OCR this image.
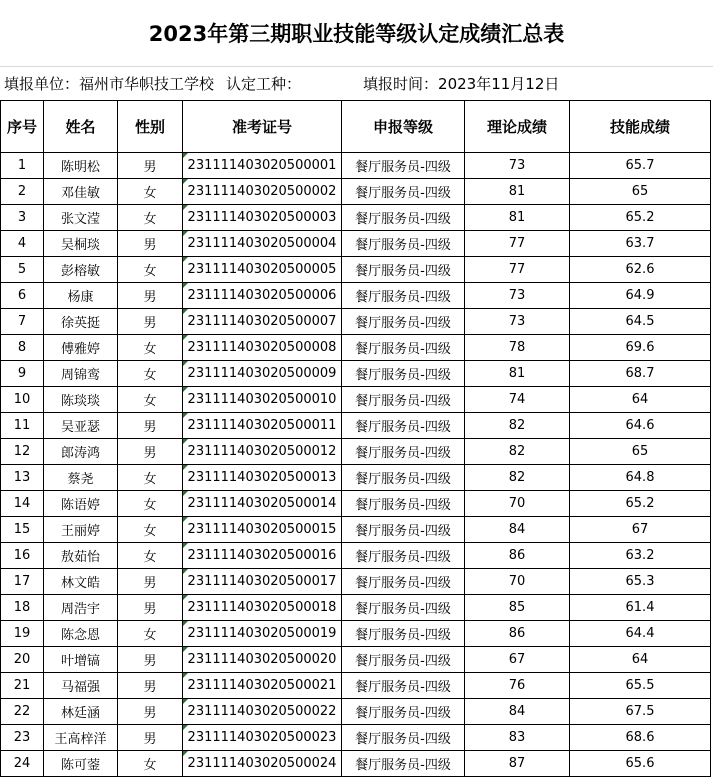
2023年第三期职业技能等级认定成绩汇总表
填报单位：福州市华帜技工学校 认定工种：	填报时间：2023年11月12日
序号	姓名	性别	准考证号	申报等级	理论成绩	技能成绩
1	陈明松	男	231111403020500001	餐厅服务员-四级	73	65.7
2	邓佳敏	女	231111403020500002	餐厅服务员-四级	81	65
3	张文滢	女	231111403020500003	餐厅服务员-四级	81	65.2
4	吴桐琰	男	231111403020500004	餐厅服务员-四级	77	63.7
5	彭榕敏	女	231111403020500005	餐厅服务员-四级	77	62.6
6	杨康	男	231111403020500006	餐厅服务员-四级	73	64.9
7	徐英挺	男	231111403020500007	餐厅服务员-四级	73	64.5
8	傅雅婷	女	231111403020500008	餐厅服务员-四级	78	69.6
9	周锦鸾	女	231111403020500009	餐厅服务员-四级	81	68.7
10	陈琰琰	女	231111403020500010	餐厅服务员-四级	74	64
11	吴亚瑟	男	231111403020500011	餐厅服务员-四级	82	64.6
12	郎涛鸿	男	231111403020500012	餐厅服务员-四级	82	65
13	蔡尧	女	231111403020500013	餐厅服务员-四级	82	64.8
14	陈语婷	女	231111403020500014	餐厅服务员-四级	70	65.2
15	王丽婷	女	231111403020500015	餐厅服务员-四级	84	67
16	敖茹怡	女	231111403020500016	餐厅服务员-四级	86	63.2
17	林文皓	男	231111403020500017	餐厅服务员-四级	70	65.3
18	周浩宇	男	231111403020500018	餐厅服务员-四级	85	61.4
19	陈念恩	女	231111403020500019	餐厅服务员-四级	86	64.4
20	叶增镐	男	231111403020500020	餐厅服务员-四级	67	64
21	马福强	男	231111403020500021	餐厅服务员-四级	76	65.5
22	林廷涵	男	231111403020500022	餐厅服务员-四级	84	67.5
23	王高梓洋	男	231111403020500023	餐厅服务员-四级	83	68.6
24	陈可蓥	女	231111403020500024	餐厅服务员-四级	87	65.6
